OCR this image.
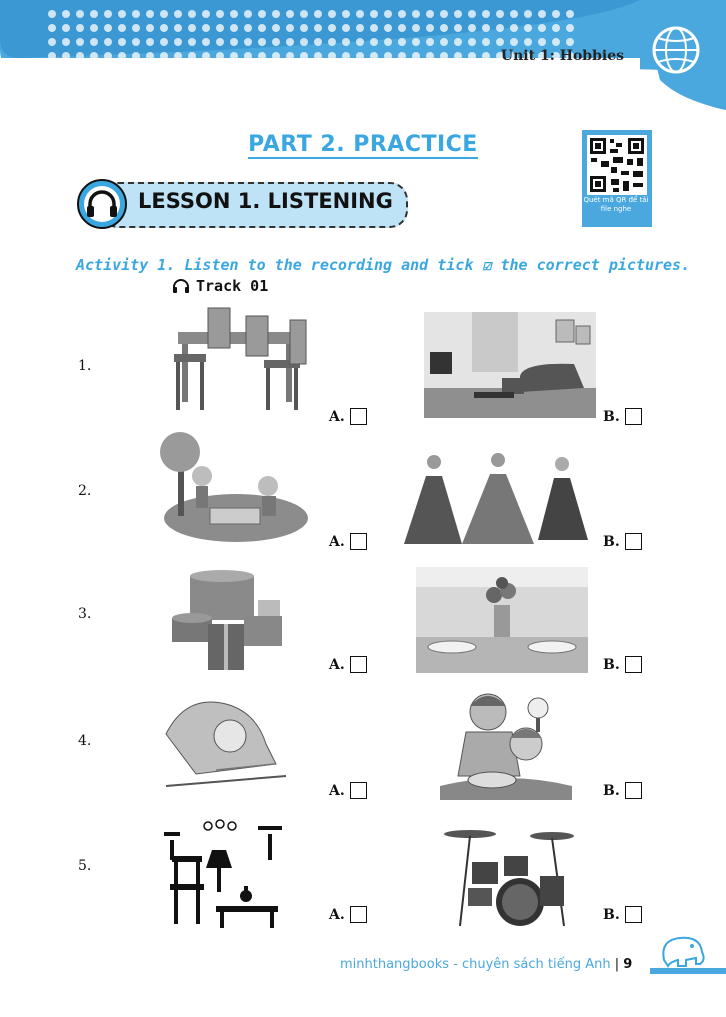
Unit 1: Hobbies
PART 2. PRACTICE
Quét mã QR để tải file nghe
LESSON 1. LISTENING
Activity 1. Listen to the recording and tick ☑ the correct pictures.
Track 01
1.
A.	B.
2.
A.	B.
3.
A.	B.
4.
A.	B.
5.
A.	B.
minhthangbooks - chuyên sách tiếng Anh | 9
